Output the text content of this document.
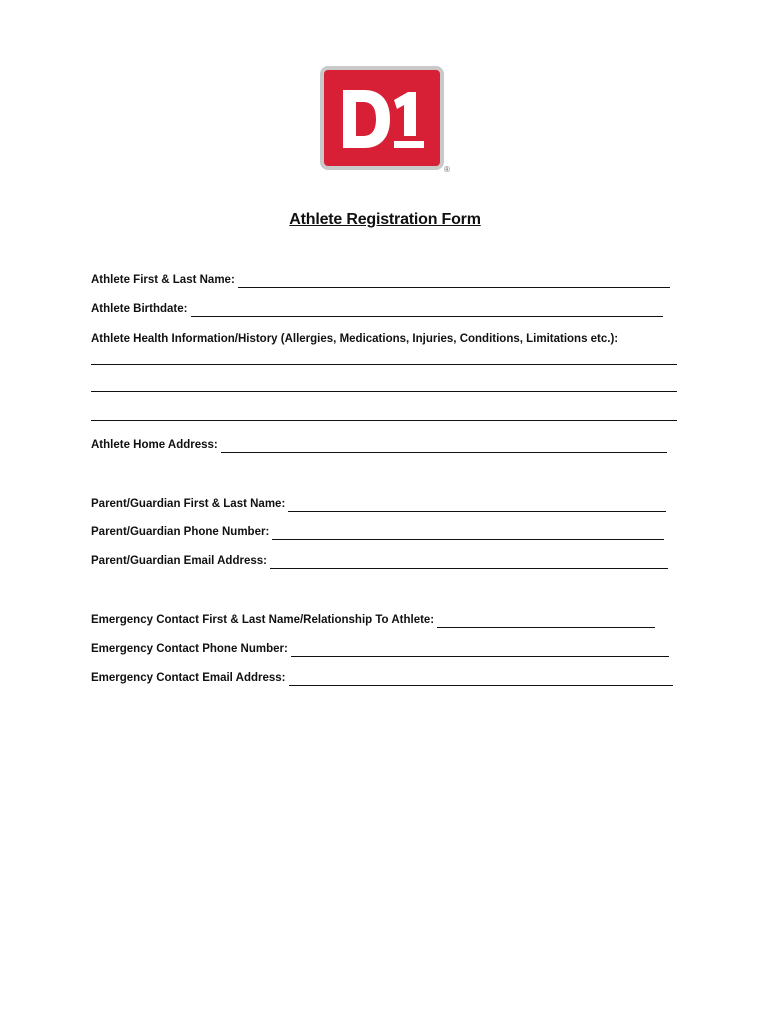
®
Athlete Registration Form
Athlete First & Last Name:
Athlete Birthdate:
Athlete Health Information/History (Allergies, Medications, Injuries, Conditions, Limitations etc.):
Athlete Home Address:
Parent/Guardian First & Last Name:
Parent/Guardian Phone Number:
Parent/Guardian Email Address:
Emergency Contact First & Last Name/Relationship To Athlete:
Emergency Contact Phone Number:
Emergency Contact Email Address:
